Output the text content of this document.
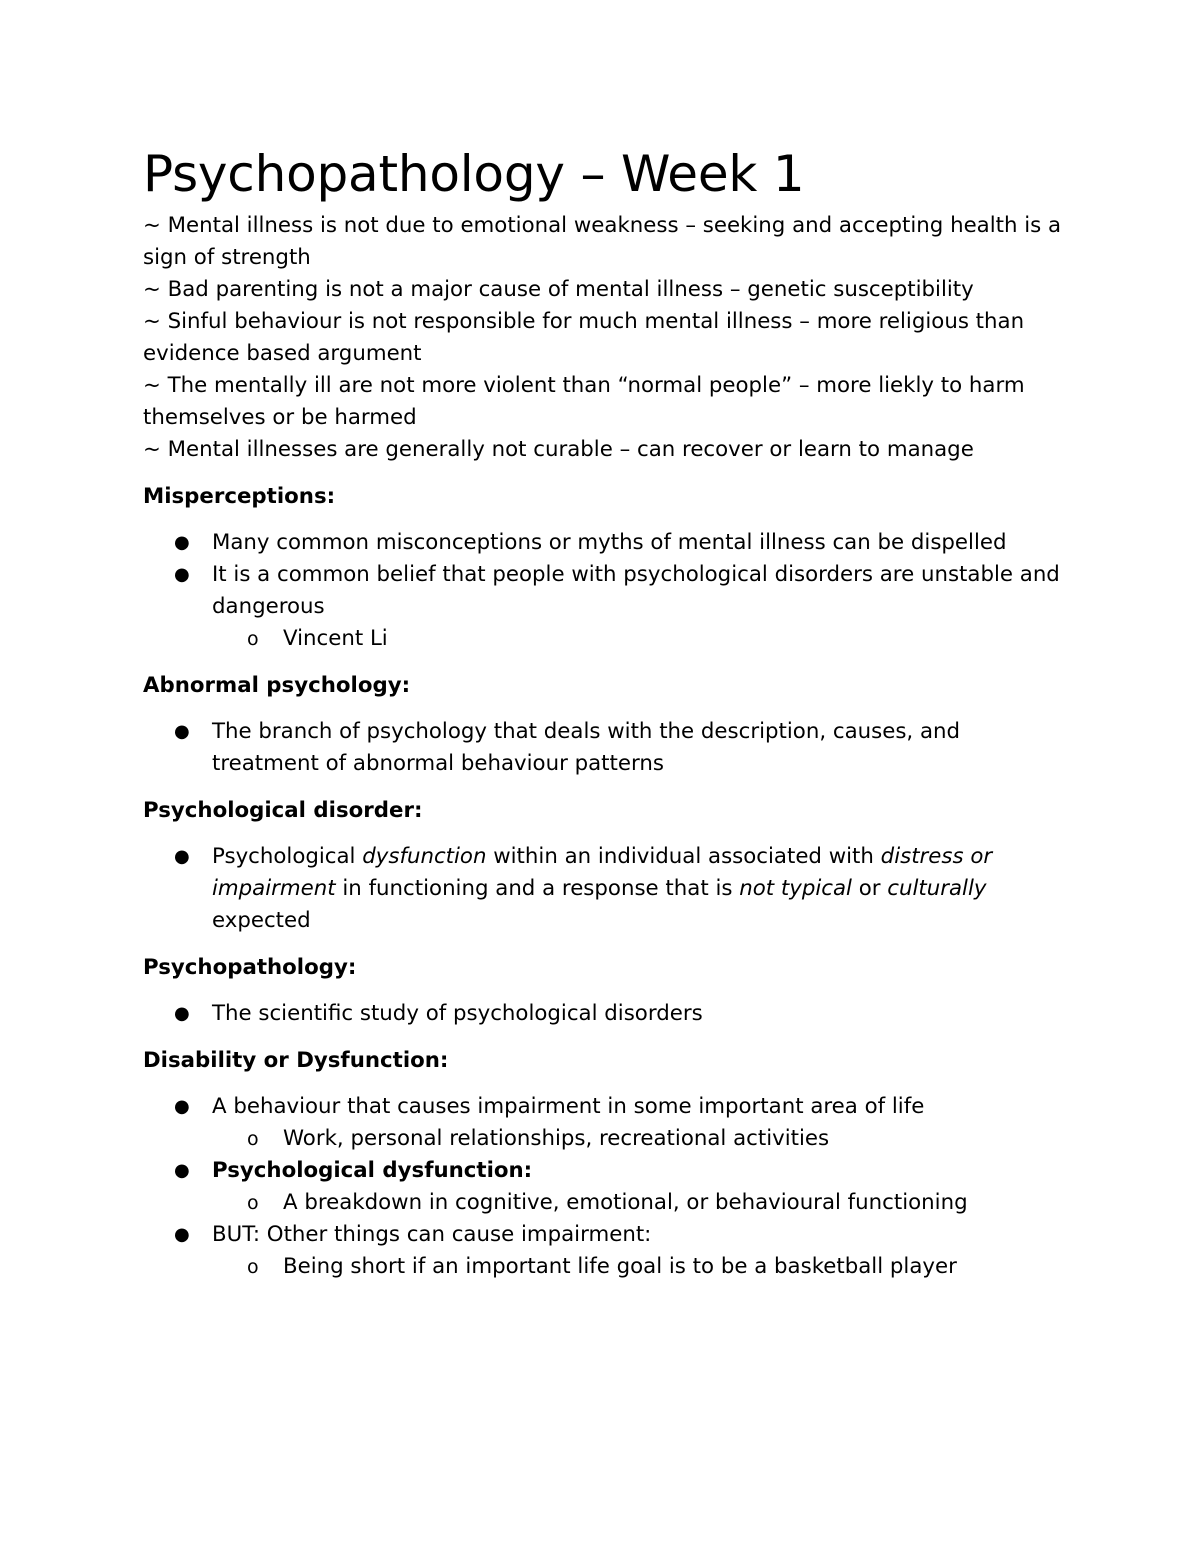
Psychopathology – Week 1

~ Mental illness is not due to emotional weakness – seeking and accepting health is a sign of strength

~ Bad parenting is not a major cause of mental illness – genetic susceptibility

~ Sinful behaviour is not responsible for much mental illness – more religious than evidence based argument

~ The mentally ill are not more violent than “normal people” – more liekly to harm themselves or be harmed

~ Mental illnesses are generally not curable – can recover or learn to manage

Misperceptions:
● Many common misconceptions or myths of mental illness can be dispelled
● It is a common belief that people with psychological disorders are unstable and dangerous
o Vincent Li
Abnormal psychology:
● The branch of psychology that deals with the description, causes, and treatment of abnormal behaviour patterns
Psychological disorder:
● Psychological dysfunction within an individual associated with distress or impairment in functioning and a response that is not typical or culturally expected
Psychopathology:
● The scientific study of psychological disorders
Disability or Dysfunction:
● A behaviour that causes impairment in some important area of life
o Work, personal relationships, recreational activities
● Psychological dysfunction:
o A breakdown in cognitive, emotional, or behavioural functioning
● BUT: Other things can cause impairment:
o Being short if an important life goal is to be a basketball player
